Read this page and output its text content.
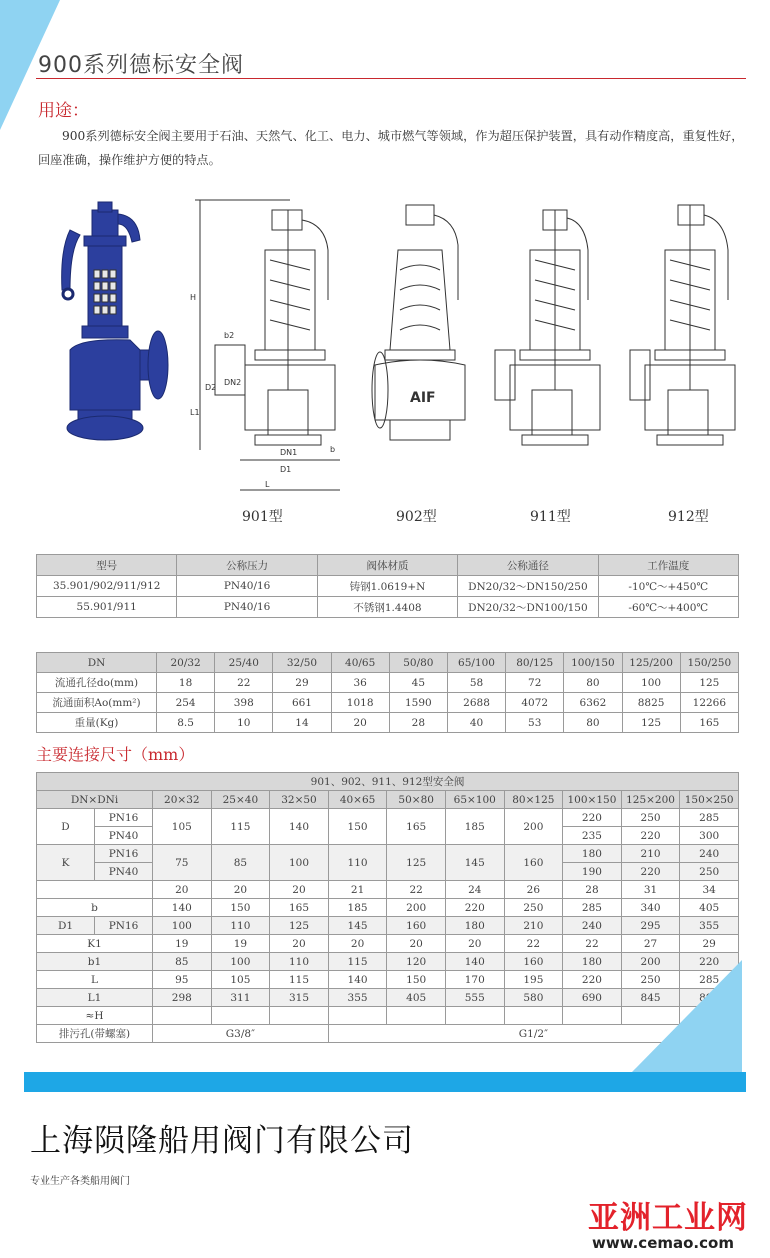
900系列德标安全阀
用途：
900系列德标安全阀主要用于石油、天然气、化工、电力、城市燃气等领域，作为超压保护装置，具有动作精度高，重复性好，回座准确，操作维护方便的特点。
H
b2
D2
DN2
L1
DN1
D1
L
b
AIF
901型	902型	911型	912型
型号	公称压力	阀体材质	公称通径	工作温度
35.901/902/911/912	PN40/16	铸钢1.0619+N	DN20/32～DN150/250	-10℃～+450℃
55.901/911	PN40/16	不锈钢1.4408	DN20/32～DN100/150	-60℃～+400℃
DN	20/32	25/40	32/50	40/65	50/80	65/100	80/125	100/150	125/200	150/250
流通孔径do(mm)	18	22	29	36	45	58	72	80	100	125
流通面积Ao(mm²)	254	398	661	1018	1590	2688	4072	6362	8825	12266
重量(Kg)	8.5	10	14	20	28	40	53	80	125	165
主要连接尺寸（mm）
901、902、911、912型安全阀											
DN×DNi		20×32	25×40	32×50	40×65	50×80	65×100	80×125	100×150	125×200	150×250
D	PN16	105	115	140	150	165	185	200	220	250	285
	PN40								235	220	300
K	PN16	75	85	100	110	125	145	160	180	210	240
	PN40								190	220	250
		20	20	20	21	22	24	26	28	31	34
b		140	150	165	185	200	220	250	285	340	405
D1	PN16	100	110	125	145	160	180	210	240	295	355
K1		19	19	20	20	20	20	22	22	27	29
b1		85	100	110	115	120	140	160	180	200	220
L		95	105	115	140	150	170	195	220	250	285
L1		298	311	315	355	405	555	580	690	845	890
≈H											
排污孔(带螺塞)		G3/8″			G1/2″						
上海陨隆船用阀门有限公司
专业生产各类船用阀门
亚洲工业网
www.cemao.com
